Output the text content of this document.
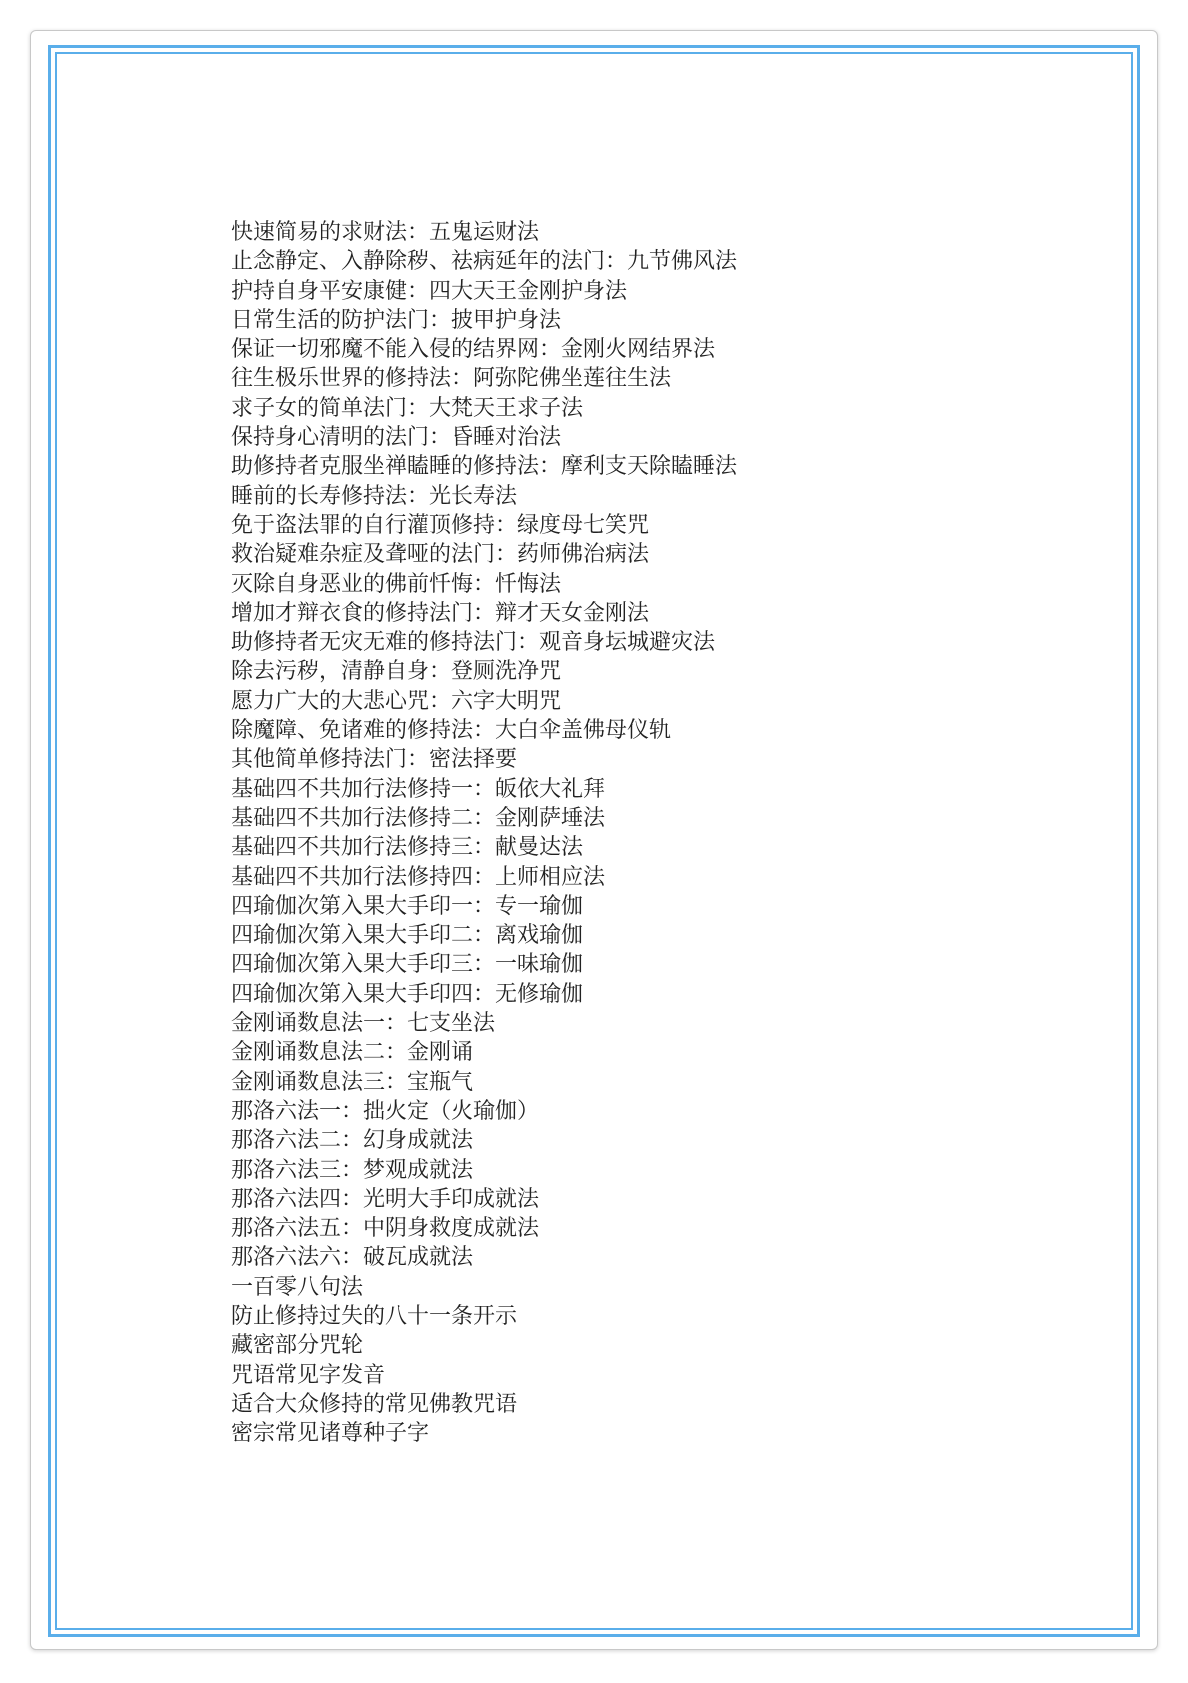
快速简易的求财法：五鬼运财法
止念静定、入静除秽、祛病延年的法门：九节佛风法
护持自身平安康健：四大天王金刚护身法
日常生活的防护法门：披甲护身法
保证一切邪魔不能入侵的结界网：金刚火网结界法
往生极乐世界的修持法：阿弥陀佛坐莲往生法
求子女的简单法门：大梵天王求子法
保持身心清明的法门：昏睡对治法
助修持者克服坐禅瞌睡的修持法：摩利支天除瞌睡法
睡前的长寿修持法：光长寿法
免于盗法罪的自行灌顶修持：绿度母七笑咒
救治疑难杂症及聋哑的法门：药师佛治病法
灭除自身恶业的佛前忏悔：忏悔法
增加才辩衣食的修持法门：辩才天女金刚法
助修持者无灾无难的修持法门：观音身坛城避灾法
除去污秽，清静自身：登厕洗净咒
愿力广大的大悲心咒：六字大明咒
除魔障、免诸难的修持法：大白伞盖佛母仪轨
其他简单修持法门：密法择要
基础四不共加行法修持一：皈依大礼拜
基础四不共加行法修持二：金刚萨埵法
基础四不共加行法修持三：献曼达法
基础四不共加行法修持四：上师相应法
四瑜伽次第入果大手印一：专一瑜伽
四瑜伽次第入果大手印二：离戏瑜伽
四瑜伽次第入果大手印三：一味瑜伽
四瑜伽次第入果大手印四：无修瑜伽
金刚诵数息法一：七支坐法
金刚诵数息法二：金刚诵
金刚诵数息法三：宝瓶气
那洛六法一：拙火定（火瑜伽）
那洛六法二：幻身成就法
那洛六法三：梦观成就法
那洛六法四：光明大手印成就法
那洛六法五：中阴身救度成就法
那洛六法六：破瓦成就法
一百零八句法
防止修持过失的八十一条开示
藏密部分咒轮
咒语常见字发音
适合大众修持的常见佛教咒语
密宗常见诸尊种子字
